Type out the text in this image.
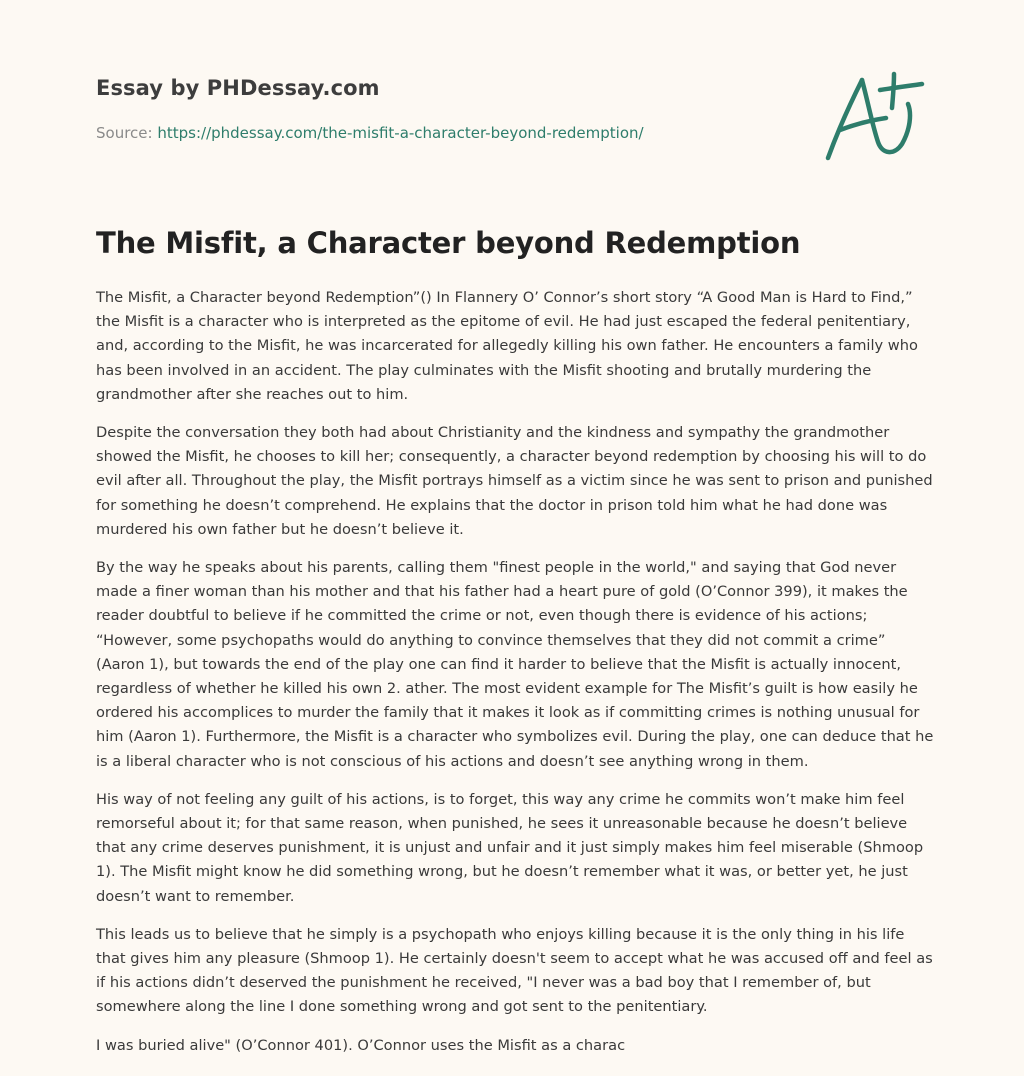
Essay by PHDessay.com
Source: https://phdessay.com/the-misfit-a-character-beyond-redemption/
The Misfit, a Character beyond Redemption

The Misfit, a Character beyond Redemption”() In Flannery O’ Connor’s short story “A Good Man is Hard to Find,” the Misfit is a character who is interpreted as the epitome of evil. He had just escaped the federal penitentiary, and, according to the Misfit, he was incarcerated for allegedly killing his own father. He encounters a family who has been involved in an accident. The play culminates with the Misfit shooting and brutally murdering the grandmother after she reaches out to him.

Despite the conversation they both had about Christianity and the kindness and sympathy the grandmother showed the Misfit, he chooses to kill her; consequently, a character beyond redemption by choosing his will to do evil after all. Throughout the play, the Misfit portrays himself as a victim since he was sent to prison and punished for something he doesn’t comprehend. He explains that the doctor in prison told him what he had done was murdered his own father but he doesn’t believe it.

By the way he speaks about his parents, calling them "finest people in the world," and saying that God never made a finer woman than his mother and that his father had a heart pure of gold (O’Connor 399), it makes the reader doubtful to believe if he committed the crime or not, even though there is evidence of his actions; “However, some psychopaths would do anything to convince themselves that they did not commit a crime” (Aaron 1), but towards the end of the play one can find it harder to believe that the Misfit is actually innocent, regardless of whether he killed his own 2. ather. The most evident example for The Misfit’s guilt is how easily he ordered his accomplices to murder the family that it makes it look as if committing crimes is nothing unusual for him (Aaron 1). Furthermore, the Misfit is a character who symbolizes evil. During the play, one can deduce that he is a liberal character who is not conscious of his actions and doesn’t see anything wrong in them.

His way of not feeling any guilt of his actions, is to forget, this way any crime he commits won’t make him feel remorseful about it; for that same reason, when punished, he sees it unreasonable because he doesn’t believe that any crime deserves punishment, it is unjust and unfair and it just simply makes him feel miserable (Shmoop 1). The Misfit might know he did something wrong, but he doesn’t remember what it was, or better yet, he just doesn’t want to remember.

This leads us to believe that he simply is a psychopath who enjoys killing because it is the only thing in his life that gives him any pleasure (Shmoop 1). He certainly doesn't seem to accept what he was accused off and feel as if his actions didn’t deserved the punishment he received, "I never was a bad boy that I remember of, but somewhere along the line I done something wrong and got sent to the penitentiary.

I was buried alive" (O’Connor 401). O’Connor uses the Misfit as a charac
